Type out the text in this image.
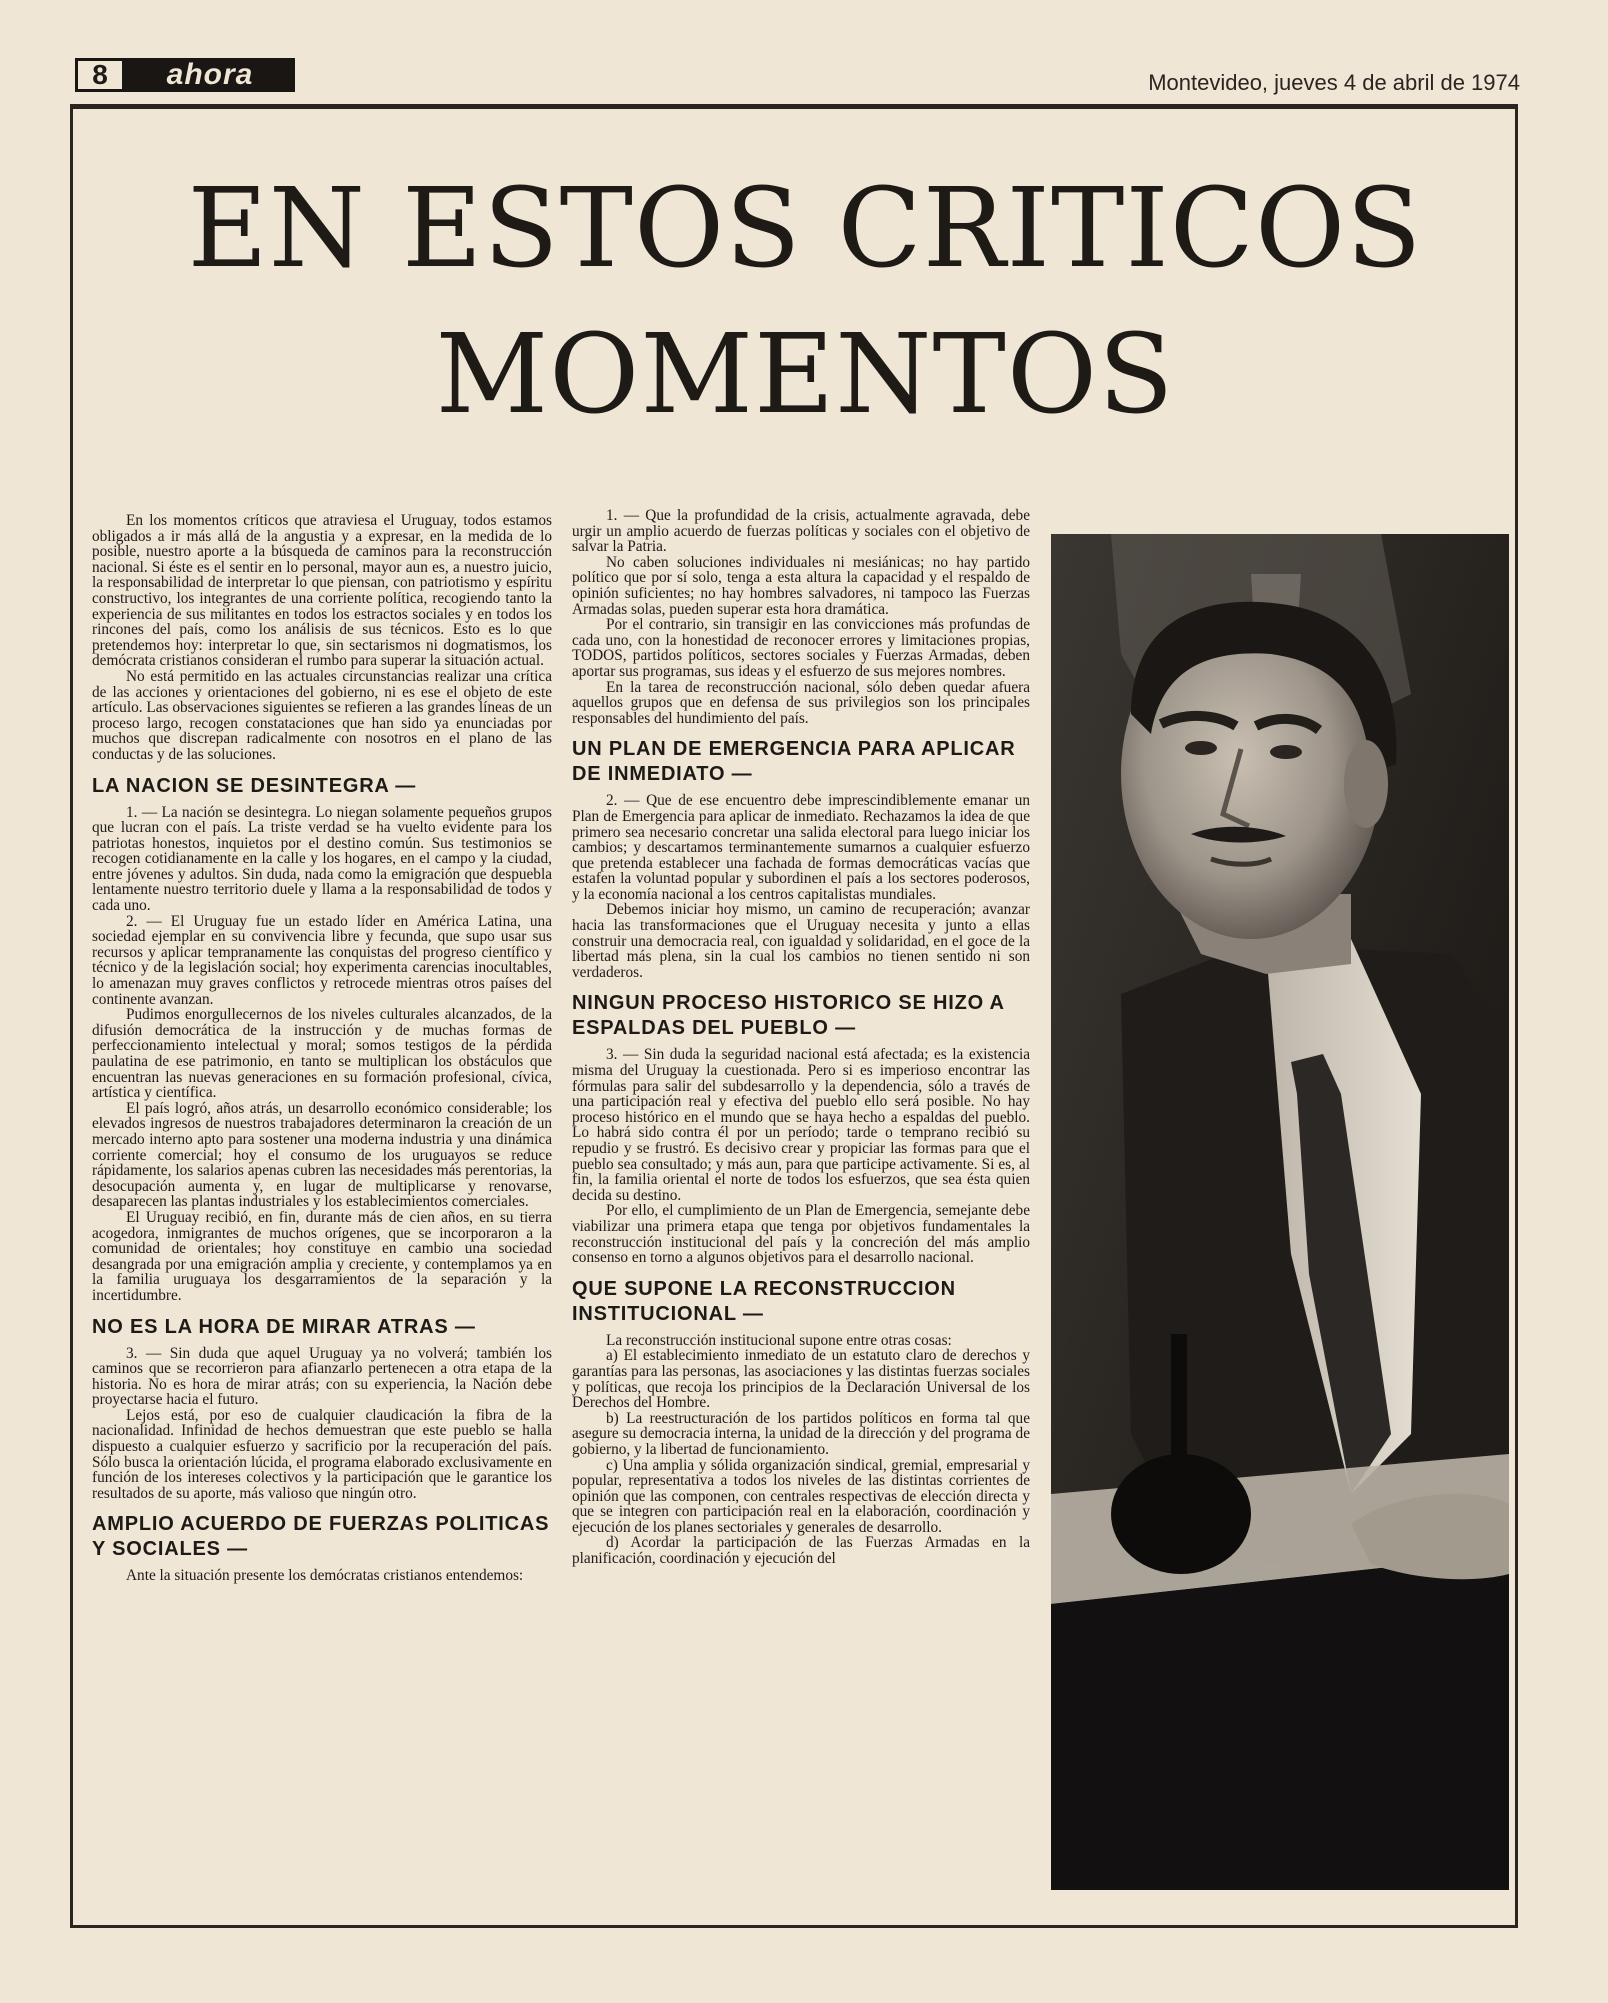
8	ahora	Montevideo, jueves 4 de abril de 1974
EN ESTOS CRITICOS
MOMENTOS

En los momentos críticos que atraviesa el Uruguay, todos estamos obligados a ir más allá de la angustia y a expresar, en la medida de lo posible, nuestro aporte a la búsqueda de caminos para la reconstrucción nacional. Si éste es el sentir en lo personal, mayor aun es, a nuestro juicio, la responsabilidad de interpretar lo que piensan, con patriotismo y espíritu constructivo, los integrantes de una corriente política, recogiendo tanto la experiencia de sus militantes en todos los estractos sociales y en todos los rincones del país, como los análisis de sus técnicos. Esto es lo que pretendemos hoy: interpretar lo que, sin sectarismos ni dogmatismos, los demócrata cristianos consideran el rumbo para superar la situación actual.

No está permitido en las actuales circunstancias realizar una crítica de las acciones y orientaciones del gobierno, ni es ese el objeto de este artículo. Las observaciones siguientes se refieren a las grandes líneas de un proceso largo, recogen constataciones que han sido ya enunciadas por muchos que discrepan radicalmente con nosotros en el plano de las conductas y de las soluciones.

LA NACION SE DESINTEGRA —

1. — La nación se desintegra. Lo niegan solamente pequeños grupos que lucran con el país. La triste verdad se ha vuelto evidente para los patriotas honestos, inquietos por el destino común. Sus testimonios se recogen cotidianamente en la calle y los hogares, en el campo y la ciudad, entre jóvenes y adultos. Sin duda, nada como la emigración que despuebla lentamente nuestro territorio duele y llama a la responsabilidad de todos y cada uno.

2. — El Uruguay fue un estado líder en América Latina, una sociedad ejemplar en su convivencia libre y fecunda, que supo usar sus recursos y aplicar tempranamente las conquistas del progreso científico y técnico y de la legislación social; hoy experimenta carencias inocultables, lo amenazan muy graves conflictos y retrocede mientras otros países del continente avanzan.

Pudimos enorgullecernos de los niveles culturales alcanzados, de la difusión democrática de la instrucción y de muchas formas de perfeccionamiento intelectual y moral; somos testigos de la pérdida paulatina de ese patrimonio, en tanto se multiplican los obstáculos que encuentran las nuevas generaciones en su formación profesional, cívica, artística y científica.

El país logró, años atrás, un desarrollo económico considerable; los elevados ingresos de nuestros trabajadores determinaron la creación de un mercado interno apto para sostener una moderna industria y una dinámica corriente comercial; hoy el consumo de los uruguayos se reduce rápidamente, los salarios apenas cubren las necesidades más perentorias, la desocupación aumenta y, en lugar de multiplicarse y renovarse, desaparecen las plantas industriales y los establecimientos comerciales.

El Uruguay recibió, en fin, durante más de cien años, en su tierra acogedora, inmigrantes de muchos orígenes, que se incorporaron a la comunidad de orientales; hoy constituye en cambio una sociedad desangrada por una emigración amplia y creciente, y contemplamos ya en la familia uruguaya los desgarramientos de la separación y la incertidumbre.

NO ES LA HORA DE MIRAR ATRAS —

3. — Sin duda que aquel Uruguay ya no volverá; también los caminos que se recorrieron para afianzarlo pertenecen a otra etapa de la historia. No es hora de mirar atrás; con su experiencia, la Nación debe proyectarse hacia el futuro.

Lejos está, por eso de cualquier claudicación la fibra de la nacionalidad. Infinidad de hechos demuestran que este pueblo se halla dispuesto a cualquier esfuerzo y sacrificio por la recuperación del país. Sólo busca la orientación lúcida, el programa elaborado exclusivamente en función de los intereses colectivos y la participación que le garantice los resultados de su aporte, más valioso que ningún otro.

AMPLIO ACUERDO DE FUERZAS POLITICAS Y SOCIALES —

Ante la situación presente los demócratas cristianos entendemos:

1. — Que la profundidad de la crisis, actualmente agravada, debe urgir un amplio acuerdo de fuerzas políticas y sociales con el objetivo de salvar la Patria.

No caben soluciones individuales ni mesiánicas; no hay partido político que por sí solo, tenga a esta altura la capacidad y el respaldo de opinión suficientes; no hay hombres salvadores, ni tampoco las Fuerzas Armadas solas, pueden superar esta hora dramática.

Por el contrario, sin transigir en las convicciones más profundas de cada uno, con la honestidad de reconocer errores y limitaciones propias, TODOS, partidos políticos, sectores sociales y Fuerzas Armadas, deben aportar sus programas, sus ideas y el esfuerzo de sus mejores nombres.

En la tarea de reconstrucción nacional, sólo deben quedar afuera aquellos grupos que en defensa de sus privilegios son los principales responsables del hundimiento del país.

UN PLAN DE EMERGENCIA PARA APLICAR DE INMEDIATO —

2. — Que de ese encuentro debe imprescindiblemente emanar un Plan de Emergencia para aplicar de inmediato. Rechazamos la idea de que primero sea necesario concretar una salida electoral para luego iniciar los cambios; y descartamos terminantemente sumarnos a cualquier esfuerzo que pretenda establecer una fachada de formas democráticas vacías que estafen la voluntad popular y subordinen el país a los sectores poderosos, y la economía nacional a los centros capitalistas mundiales.

Debemos iniciar hoy mismo, un camino de recuperación; avanzar hacia las transformaciones que el Uruguay necesita y junto a ellas construir una democracia real, con igualdad y solidaridad, en el goce de la libertad más plena, sin la cual los cambios no tienen sentido ni son verdaderos.

NINGUN PROCESO HISTORICO SE HIZO A ESPALDAS DEL PUEBLO —

3. — Sin duda la seguridad nacional está afectada; es la existencia misma del Uruguay la cuestionada. Pero si es imperioso encontrar las fórmulas para salir del subdesarrollo y la dependencia, sólo a través de una participación real y efectiva del pueblo ello será posible. No hay proceso histórico en el mundo que se haya hecho a espaldas del pueblo. Lo habrá sido contra él por un período; tarde o temprano recibió su repudio y se frustró. Es decisivo crear y propiciar las formas para que el pueblo sea consultado; y más aun, para que participe activamente. Si es, al fin, la familia oriental el norte de todos los esfuerzos, que sea ésta quien decida su destino.

Por ello, el cumplimiento de un Plan de Emergencia, semejante debe viabilizar una primera etapa que tenga por objetivos fundamentales la reconstrucción institucional del país y la concreción del más amplio consenso en torno a algunos objetivos para el desarrollo nacional.

QUE SUPONE LA RECONSTRUCCION INSTITUCIONAL —

La reconstrucción institucional supone entre otras cosas:

a) El establecimiento inmediato de un estatuto claro de derechos y garantías para las personas, las asociaciones y las distintas fuerzas sociales y políticas, que recoja los principios de la Declaración Universal de los Derechos del Hombre.

b) La reestructuración de los partidos políticos en forma tal que asegure su democracia interna, la unidad de la dirección y del programa de gobierno, y la libertad de funcionamiento.

c) Una amplia y sólida organización sindical, gremial, empresarial y popular, representativa a todos los niveles de las distintas corrientes de opinión que las componen, con centrales respectivas de elección directa y que se integren con participación real en la elaboración, coordinación y ejecución de los planes sectoriales y generales de desarrollo.

d) Acordar la participación de las Fuerzas Armadas en la planificación, coordinación y ejecución del
